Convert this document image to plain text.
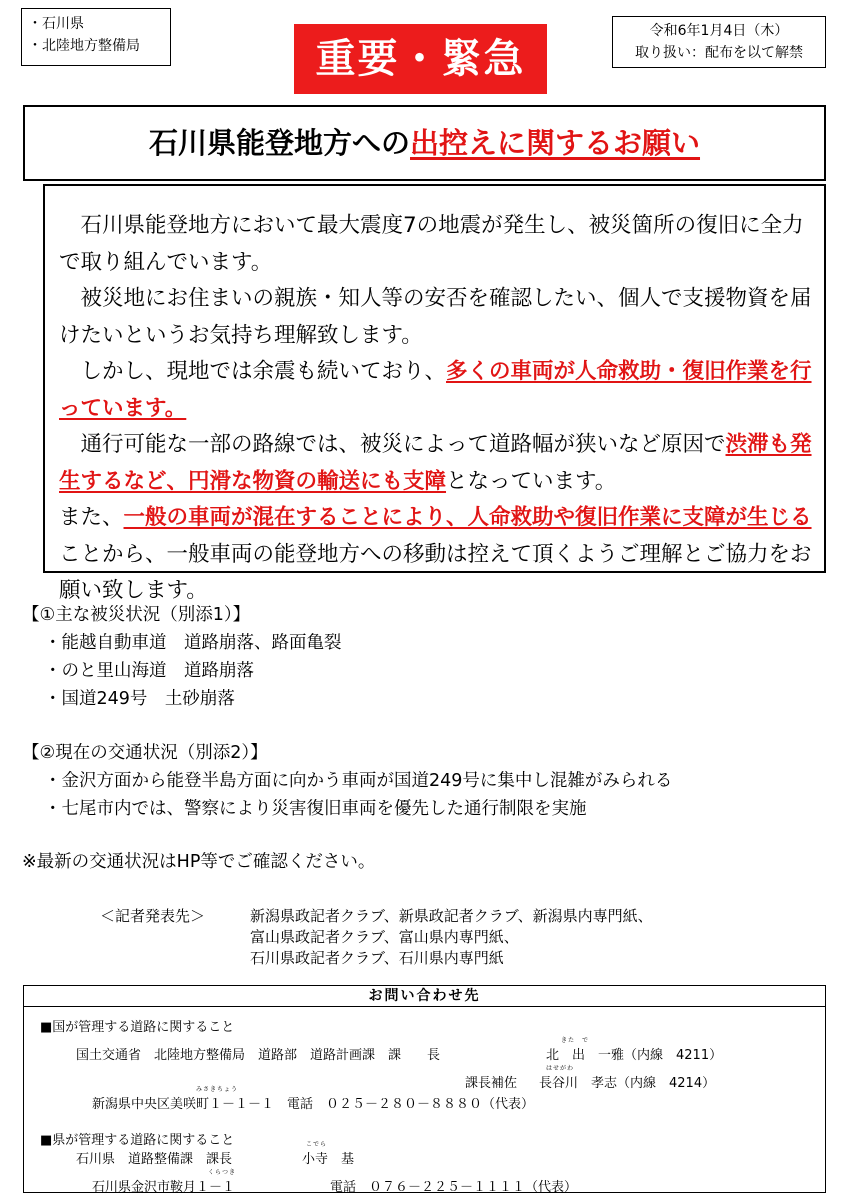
・石川県
・北陸地方整備局	重要・緊急
令和6年1月4日（木）
取り扱い：配布を以て解禁
石川県能登地方への出控えに関するお願い

石川県能登地方において最大震度7の地震が発生し、被災箇所の復旧に全力で取り組んでいます。

被災地にお住まいの親族・知人等の安否を確認したい、個人で支援物資を届けたいというお気持ち理解致します。

しかし、現地では余震も続いており、多くの車両が人命救助・復旧作業を行っています。

通行可能な一部の路線では、被災によって道路幅が狭いなど原因で渋滞も発生するなど、円滑な物資の輸送にも支障となっています。

また、一般の車両が混在することにより、人命救助や復旧作業に支障が生じることから、一般車両の能登地方への移動は控えて頂くようご理解とご協力をお願い致します。

【①主な被災状況（別添1）】

・能越自動車道　道路崩落、路面亀裂

・のと里山海道　道路崩落

・国道249号　土砂崩落

【②現在の交通状況（別添2）】

・金沢方面から能登半島方面に向かう車両が国道249号に集中し混雑がみられる

・七尾市内では、警察により災害復旧車両を優先した通行制限を実施

※最新の交通状況はHP等でご確認ください。
＜記者発表先＞	新潟県政記者クラブ、新県政記者クラブ、新潟県内専門紙、
富山県政記者クラブ、富山県内専門紙、
石川県政記者クラブ、石川県内専門紙
お問い合わせ先
■国が管理する道路に関すること
国土交通省　北陸地方整備局　道路部　道路計画課　課　　長
きた　で
北　出　一雅（内線　4211）
課長補佐
はせがわ
長谷川　孝志（内線　4214）
みさきちょう
新潟県中央区美咲町１－１－１　電話　０２５－２８０－８８８０（代表）
■県が管理する道路に関すること
石川県　道路整備課　課長
こでら
小寺　基
くらつき
石川県金沢市鞍月１－１	電話　０７６－２２５－１１１１（代表）
